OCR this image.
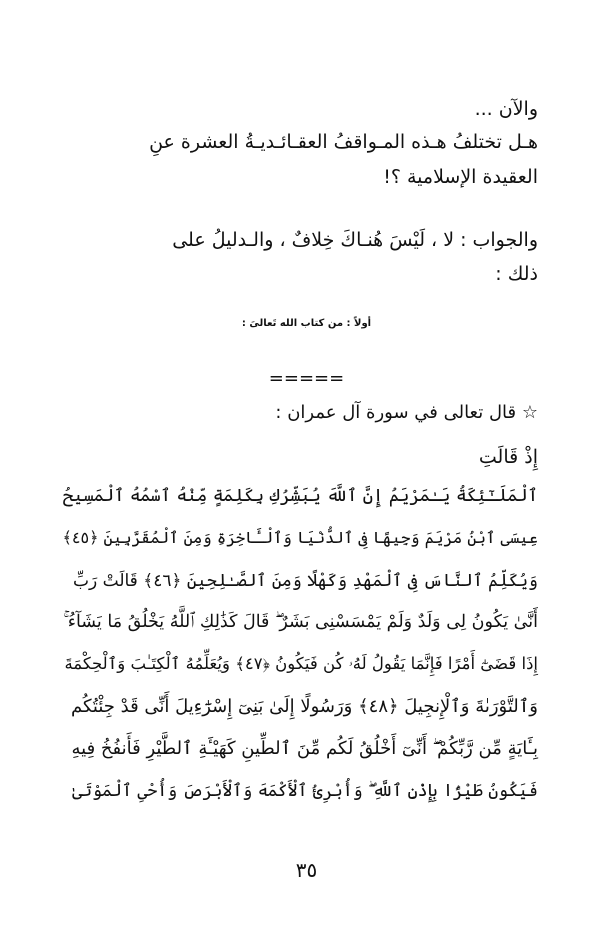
والآن ...
هـل تختلفُ هـذه المـواقفُ العقـائـديـةُ العشرة عنِ
العقيدة الإسلامية ؟!
والجواب : لا ، لَيْسَ هُنـاكَ خِلافٌ ، والـدليلُ على
ذلك :
أولاً : من كتاب الله تَعالىَ :
=====
☆ قال تعالى في سورة آل عمران :
إِذْ قَالَتِ
ٱلْمَلَـٰٓئِكَةُ يَـٰمَرْيَمُ إِنَّ ٱللَّهَ يُبَشِّرُكِ بِكَلِمَةٍ مِّنْهُ ٱسْمُهُ ٱلْمَسِيحُ
عِيسَى ٱبْنُ مَرْيَمَ وَجِيهًا فِى ٱلدُّنْيَا وَٱلْـَٔاخِرَةِ وَمِنَ ٱلْمُقَرَّبِينَ ﴿٤٥﴾
وَيُكَلِّمُ ٱلنَّاسَ فِى ٱلْمَهْدِ وَكَهْلًا وَمِنَ ٱلصَّـٰلِحِينَ ﴿٤٦﴾ قَالَتْ رَبِّ
أَنَّىٰ يَكُونُ لِى وَلَدٌ وَلَمْ يَمْسَسْنِى بَشَرٌ ۖ قَالَ كَذَٰلِكِ ٱللَّهُ يَخْلُقُ مَا يَشَآءُ ۚ
إِذَا قَضَىٰٓ أَمْرًا فَإِنَّمَا يَقُولُ لَهُۥ كُن فَيَكُونُ ﴿٤٧﴾ وَيُعَلِّمُهُ ٱلْكِتَـٰبَ وَٱلْحِكْمَةَ
وَٱلتَّوْرَىٰةَ وَٱلْإِنجِيلَ ﴿٤٨﴾ وَرَسُولًا إِلَىٰ بَنِىٓ إِسْرَٰٓءِيلَ أَنِّى قَدْ جِئْتُكُم
بِـَٔايَةٍ مِّن رَّبِّكُمْ ۖ أَنِّىٓ أَخْلُقُ لَكُم مِّنَ ٱلطِّينِ كَهَيْـَٔةِ ٱلطَّيْرِ فَأَنفُخُ فِيهِ
فَيَكُونُ طَيْرًۢا بِإِذْنِ ٱللَّهِ ۖ وَأُبْرِئُ ٱلْأَكْمَهَ وَٱلْأَبْرَصَ وَأُحْىِ ٱلْمَوْتَىٰ
٣٥
